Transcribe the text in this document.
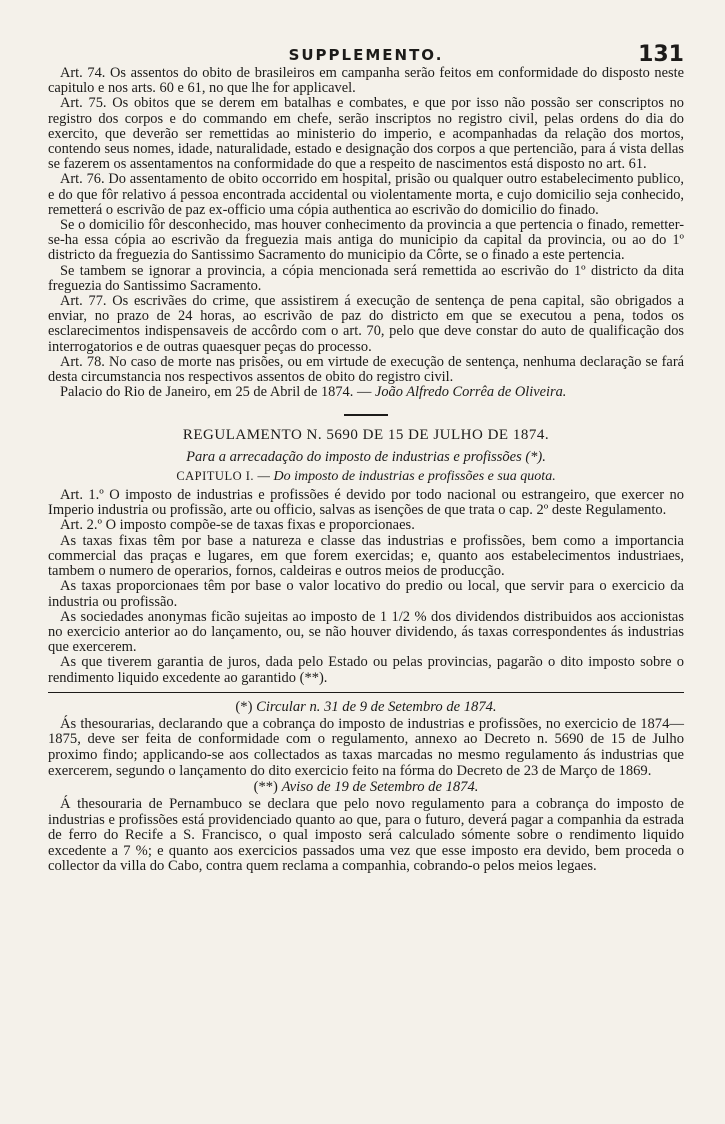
SUPPLEMENTO.	131

Art. 74. Os assentos do obito de brasileiros em campanha serão feitos em conformidade do disposto neste capitulo e nos arts. 60 e 61, no que lhe for applicavel.

Art. 75. Os obitos que se derem em batalhas e combates, e que por isso não possão ser conscriptos no registro dos corpos e do commando em chefe, serão inscriptos no registro civil, pelas ordens do dia do exercito, que deverão ser remettidas ao ministerio do imperio, e acompanhadas da relação dos mortos, contendo seus nomes, idade, naturalidade, estado e designação dos corpos a que pertencião, para á vista dellas se fazerem os assentamentos na conformidade do que a respeito de nascimentos está disposto no art. 61.

Art. 76. Do assentamento de obito occorrido em hospital, prisão ou qualquer outro estabelecimento publico, e do que fôr relativo á pessoa encontrada accidental ou violentamente morta, e cujo domicilio seja conhecido, remetterá o escrivão de paz ex-officio uma cópia authentica ao escrivão do domicilio do finado.

Se o domicilio fôr desconhecido, mas houver conhecimento da provincia a que pertencia o finado, remetter-se-ha essa cópia ao escrivão da freguezia mais antiga do municipio da capital da provincia, ou ao do 1º districto da freguezia do Santissimo Sacramento do municipio da Côrte, se o finado a este pertencia.

Se tambem se ignorar a provincia, a cópia mencionada será remettida ao escrivão do 1º districto da dita freguezia do Santissimo Sacramento.

Art. 77. Os escrivães do crime, que assistirem á execução de sentença de pena capital, são obrigados a enviar, no prazo de 24 horas, ao escrivão de paz do districto em que se executou a pena, todos os esclarecimentos indispensaveis de accôrdo com o art. 70, pelo que deve constar do auto de qualificação dos interrogatorios e de outras quaesquer peças do processo.

Art. 78. No caso de morte nas prisões, ou em virtude de execução de sentença, nenhuma declaração se fará desta circumstancia nos respectivos assentos de obito do registro civil.

Palacio do Rio de Janeiro, em 25 de Abril de 1874. — João Alfredo Corrêa de Oliveira.

REGULAMENTO N. 5690 DE 15 DE JULHO DE 1874.

Para a arrecadação do imposto de industrias e profissões (*).

CAPITULO I. — Do imposto de industrias e profissões e sua quota.

Art. 1.º O imposto de industrias e profissões é devido por todo nacional ou estrangeiro, que exercer no Imperio industria ou profissão, arte ou officio, salvas as isenções de que trata o cap. 2º deste Regulamento.

Art. 2.º O imposto compõe-se de taxas fixas e proporcionaes.

As taxas fixas têm por base a natureza e classe das industrias e profissões, bem como a importancia commercial das praças e lugares, em que forem exercidas; e, quanto aos estabelecimentos industriaes, tambem o numero de operarios, fornos, caldeiras e outros meios de producção.

As taxas proporcionaes têm por base o valor locativo do predio ou local, que servir para o exercicio da industria ou profissão.

As sociedades anonymas ficão sujeitas ao imposto de 1 1/2 % dos dividendos distribuidos aos accionistas no exercicio anterior ao do lançamento, ou, se não houver dividendo, ás taxas correspondentes ás industrias que exercerem.

As que tiverem garantia de juros, dada pelo Estado ou pelas provincias, pagarão o dito imposto sobre o rendimento liquido excedente ao garantido (**).

(*) Circular n. 31 de 9 de Setembro de 1874.

Ás thesourarias, declarando que a cobrança do imposto de industrias e profissões, no exercicio de 1874—1875, deve ser feita de conformidade com o regulamento, annexo ao Decreto n. 5690 de 15 de Julho proximo findo; applicando-se aos collectados as taxas marcadas no mesmo regulamento ás industrias que exercerem, segundo o lançamento do dito exercicio feito na fórma do Decreto de 23 de Março de 1869.

(**) Aviso de 19 de Setembro de 1874.

Á thesouraria de Pernambuco se declara que pelo novo regulamento para a cobrança do imposto de industrias e profissões está providenciado quanto ao que, para o futuro, deverá pagar a companhia da estrada de ferro do Recife a S. Francisco, o qual imposto será calculado sómente sobre o rendimento liquido excedente a 7 %; e quanto aos exercicios passados uma vez que esse imposto era devido, bem proceda o collector da villa do Cabo, contra quem reclama a companhia, cobrando-o pelos meios legaes.
